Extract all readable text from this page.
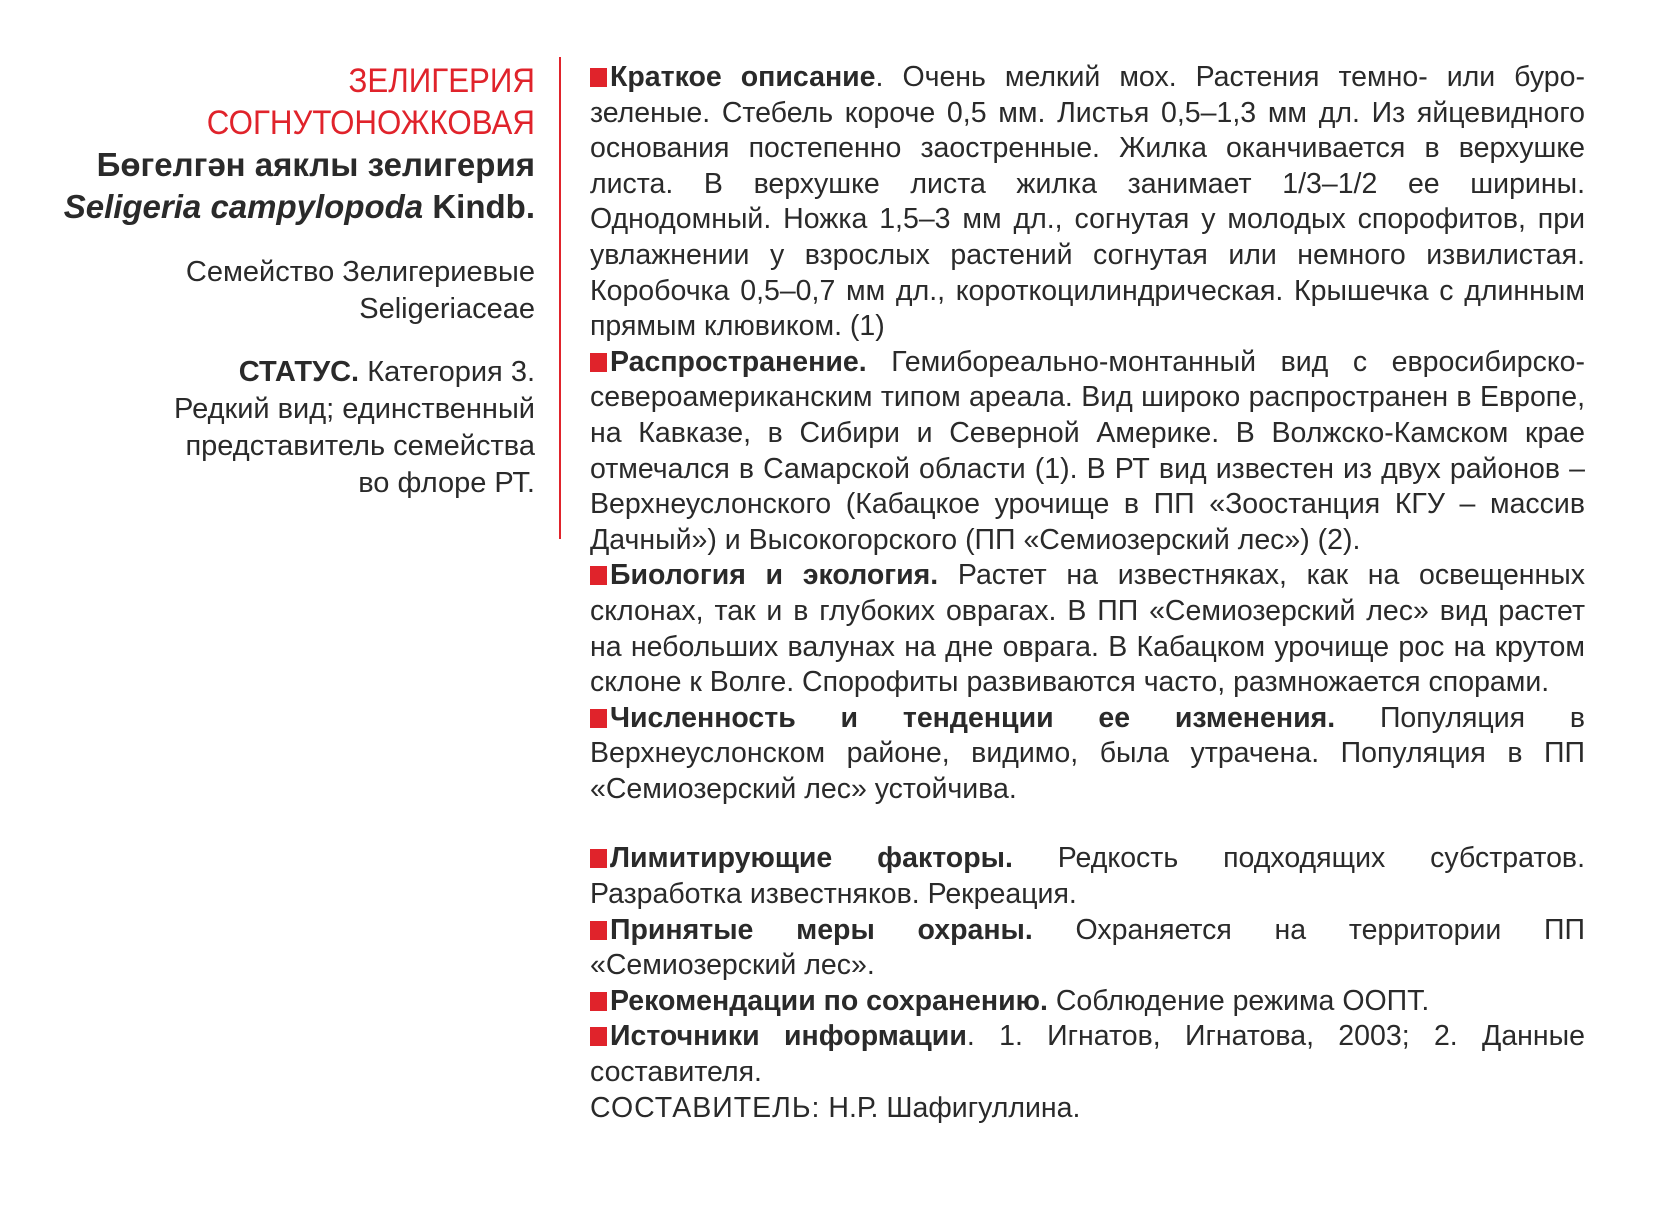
ЗЕЛИГЕРИЯ
СОГНУТОНОЖКОВАЯ
Бөгелгән аяклы зелигерия
Seligeria campylopoda Kindb.
Семейство Зелигериевые
Seligeriaceae
СТАТУС. Категория 3.
Редкий вид; единственный
представитель семейства
во флоре РТ.

Краткое описание. Очень мелкий мох. Растения темно- или буро-зеленые. Стебель короче 0,5 мм. Листья 0,5–1,3 мм дл. Из яйцевидного основания постепенно заостренные. Жилка оканчивается в верхушке листа. В верхушке листа жилка занимает 1/3–1/2 ее ширины. Однодомный. Ножка 1,5–3 мм дл., согнутая у молодых спорофитов, при увлажнении у взрослых растений согнутая или немного извилистая. Коробочка 0,5–0,7 мм дл., короткоцилиндрическая. Крышечка с длинным прямым клювиком. (1)

Распространение. Гемибореально-монтанный вид с евросибирско-североамериканским типом ареала. Вид широко распространен в Европе, на Кавказе, в Сибири и Северной Америке. В Волжско-Камском крае отмечался в Самарской области (1). В РТ вид известен из двух районов – Верхнеуслонского (Кабацкое урочище в ПП «Зоостанция КГУ – массив Дачный») и Высокогорского (ПП «Семиозерский лес») (2).

Биология и экология. Растет на известняках, как на освещенных склонах, так и в глубоких оврагах. В ПП «Семиозерский лес» вид растет на небольших валунах на дне оврага. В Кабацком урочище рос на крутом склоне к Волге. Спорофиты развиваются часто, размножается спорами.

Численность и тенденции ее изменения. Популяция в Верхнеуслонском районе, видимо, была утрачена. Популяция в ПП «Семиозерский лес» устойчива.

Лимитирующие факторы. Редкость подходящих субстратов. Разработка известняков. Рекреация.

Принятые меры охраны. Охраняется на территории ПП «Семиозерский лес».

Рекомендации по сохранению. Соблюдение режима ООПТ.

Источники информации. 1. Игнатов, Игнатова, 2003; 2. Данные составителя.

СОСТАВИТЕЛЬ: Н.Р. Шафигуллина.
